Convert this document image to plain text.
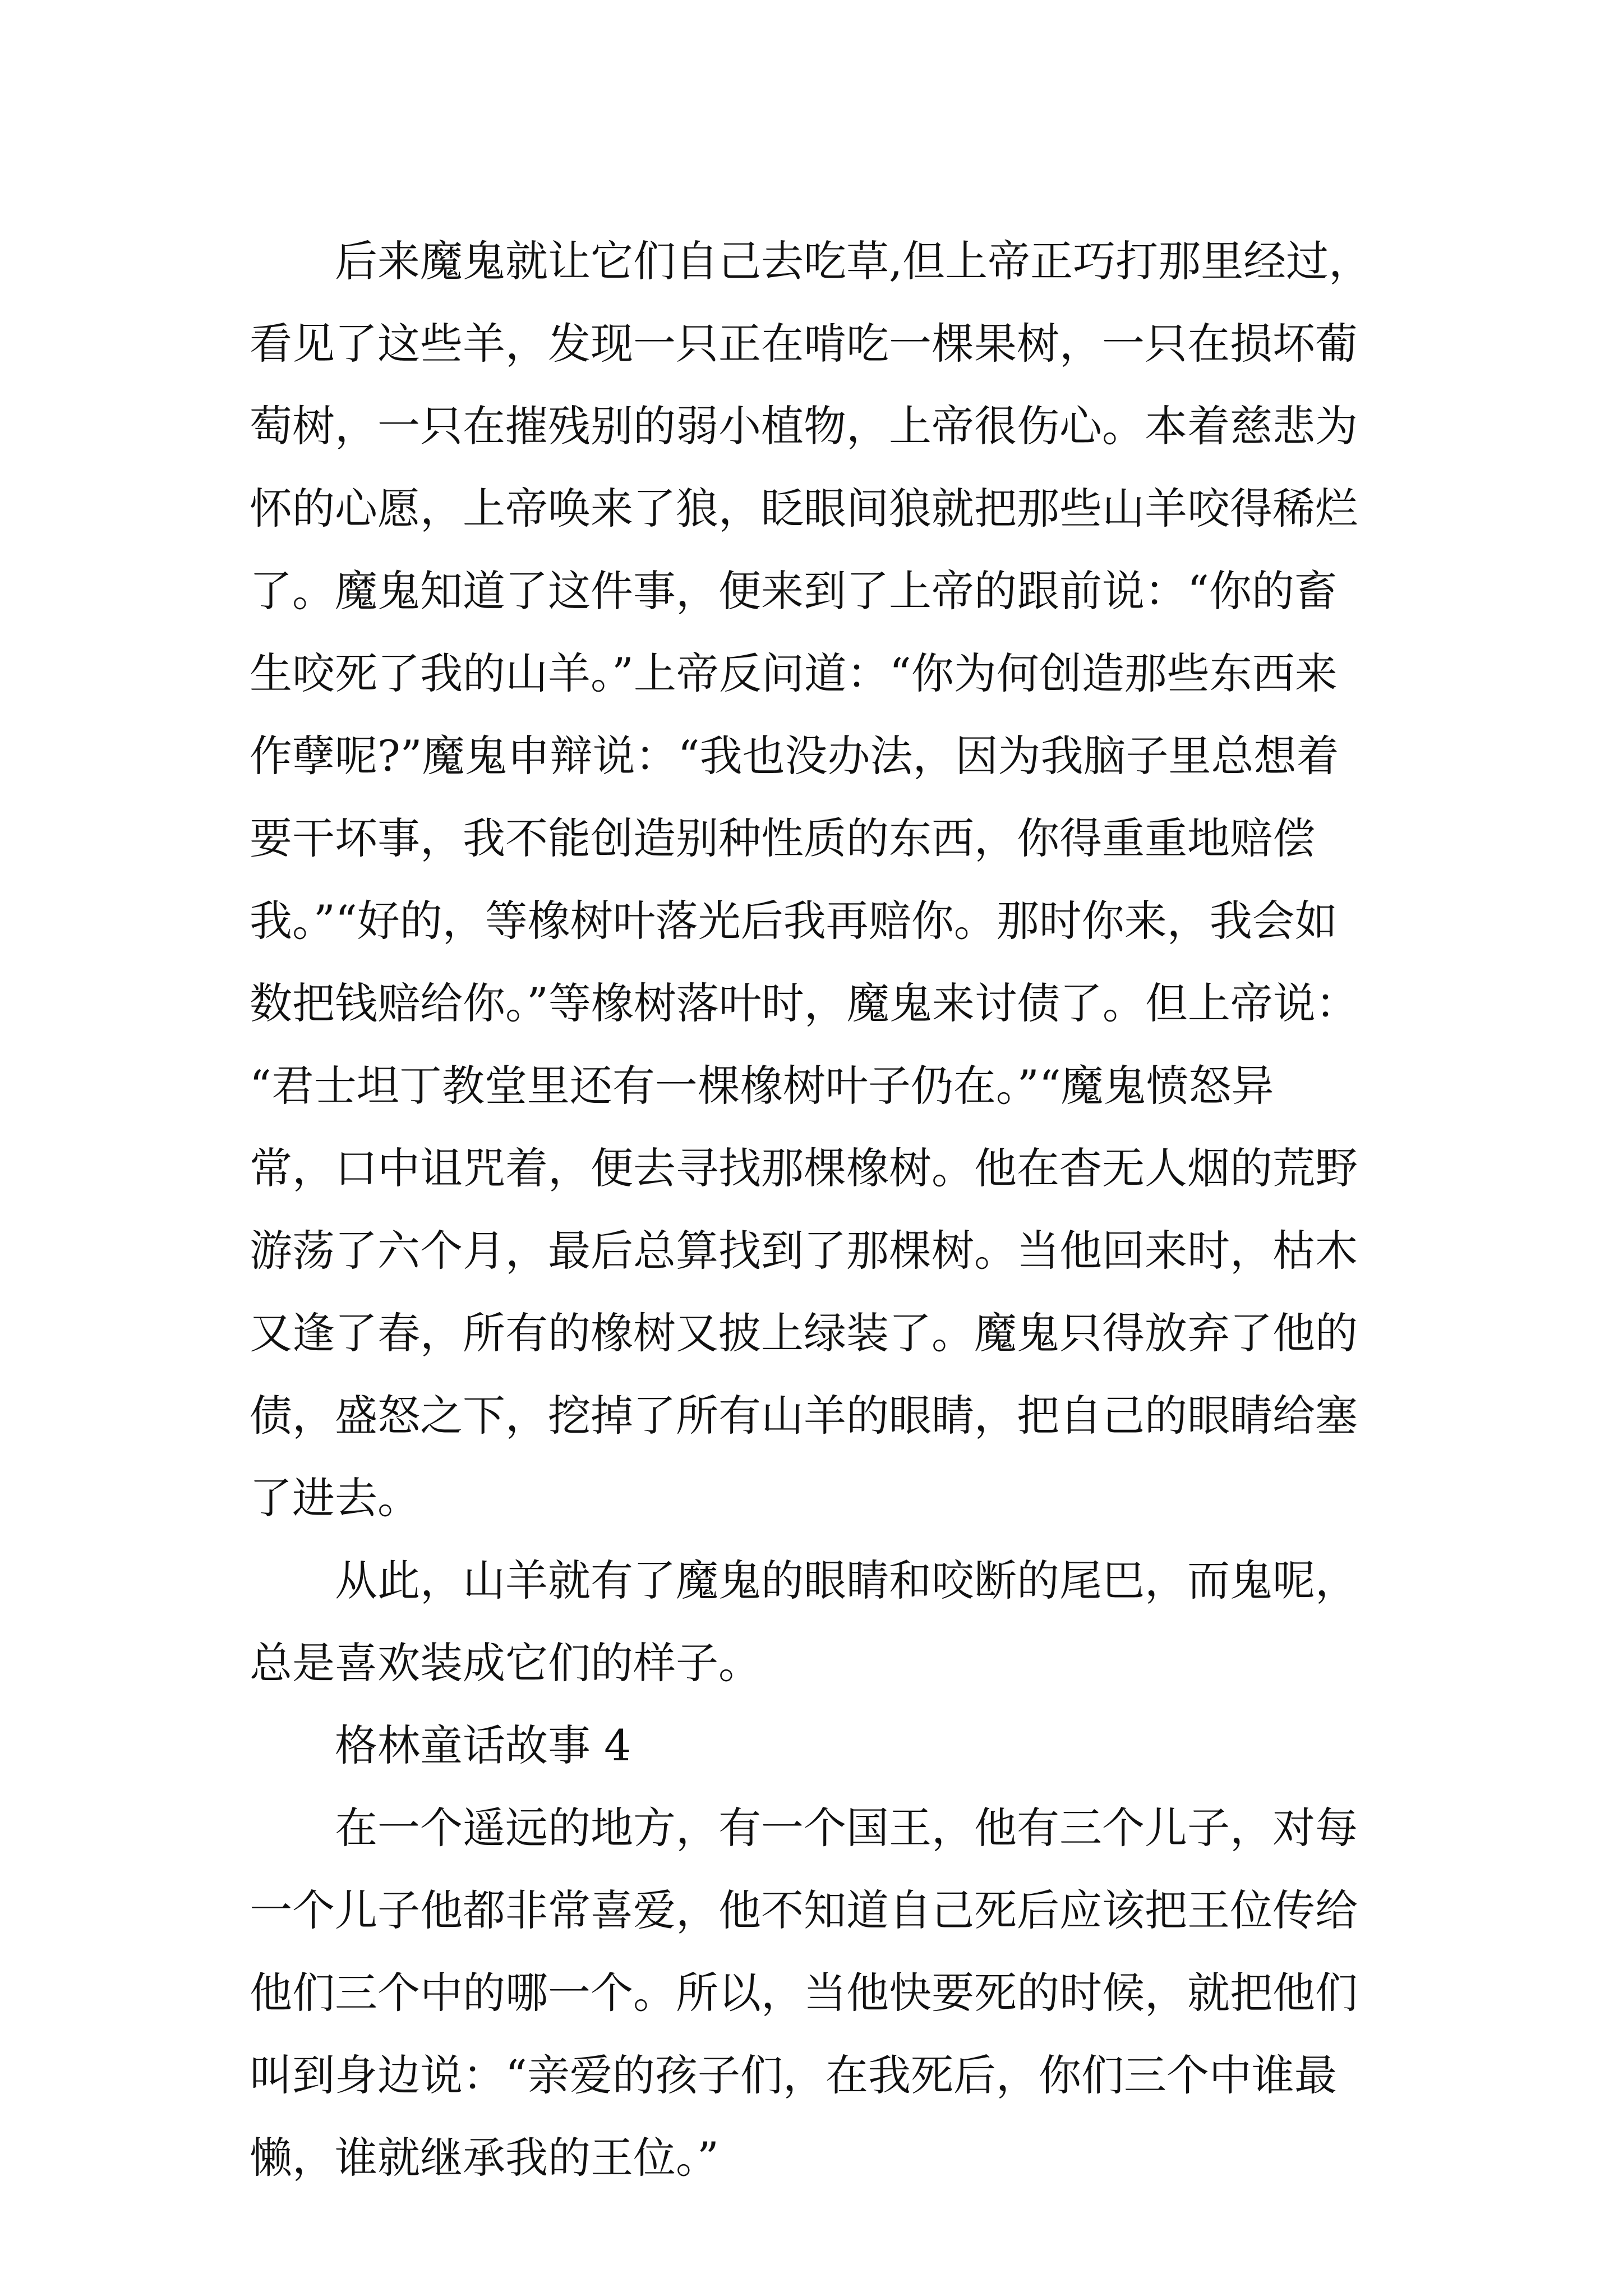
后来魔鬼就让它们自己去吃草,但上帝正巧打那里经过，
看见了这些羊，发现一只正在啃吃一棵果树，一只在损坏葡
萄树，一只在摧残别的弱小植物，上帝很伤心。本着慈悲为
怀的心愿，上帝唤来了狼，眨眼间狼就把那些山羊咬得稀烂
了。魔鬼知道了这件事，便来到了上帝的跟前说：“你的畜
生咬死了我的山羊。”上帝反问道：“你为何创造那些东西来
作孽呢?”魔鬼申辩说：“我也没办法，因为我脑子里总想着
要干坏事，我不能创造别种性质的东西，你得重重地赔偿
我。”“好的，等橡树叶落光后我再赔你。那时你来，我会如
数把钱赔给你。”等橡树落叶时，魔鬼来讨债了。但上帝说：
“君士坦丁教堂里还有一棵橡树叶子仍在。”“魔鬼愤怒异
常，口中诅咒着，便去寻找那棵橡树。他在杳无人烟的荒野
游荡了六个月，最后总算找到了那棵树。当他回来时，枯木
又逢了春，所有的橡树又披上绿装了。魔鬼只得放弃了他的
债，盛怒之下，挖掉了所有山羊的眼睛，把自己的眼睛给塞
了进去。
从此，山羊就有了魔鬼的眼睛和咬断的尾巴，而鬼呢，
总是喜欢装成它们的样子。
格林童话故事 4
在一个遥远的地方，有一个国王，他有三个儿子，对每
一个儿子他都非常喜爱，他不知道自己死后应该把王位传给
他们三个中的哪一个。所以，当他快要死的时候，就把他们
叫到身边说：“亲爱的孩子们，在我死后，你们三个中谁最
懒，谁就继承我的王位。”
